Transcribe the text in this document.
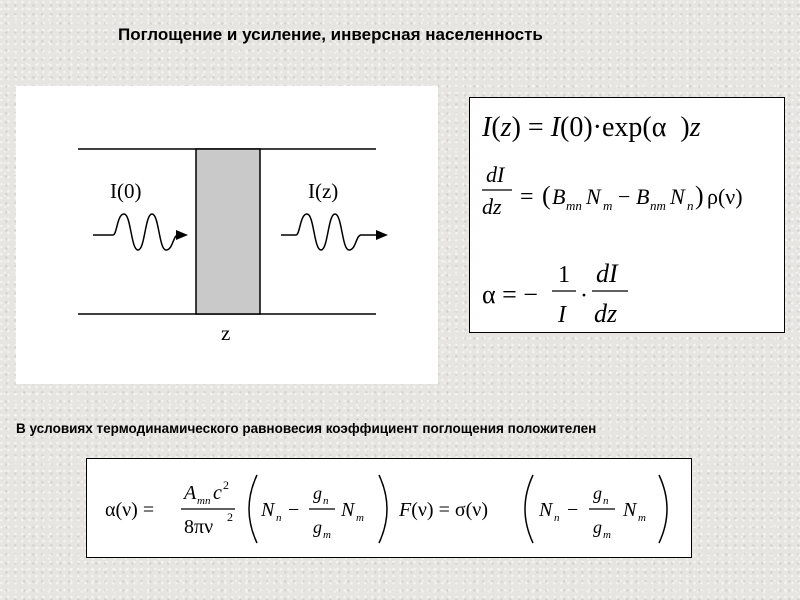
Поглощение и усиление, инверсная населенность
I(0)	I(z)
z
I(z) = I(0)·exp(α )z
dI
dz = ( B mn N m − B nm N n ) ρ(ν)
α = −
1
I
·
dI
dz
В условиях термодинамического равновесия коэффициент поглощения положителен
α(ν) =
A mn c 2
8πν 2 N n −
g n
g m
N m F(ν) = σ(ν)	N n −
g n
g m
N m
